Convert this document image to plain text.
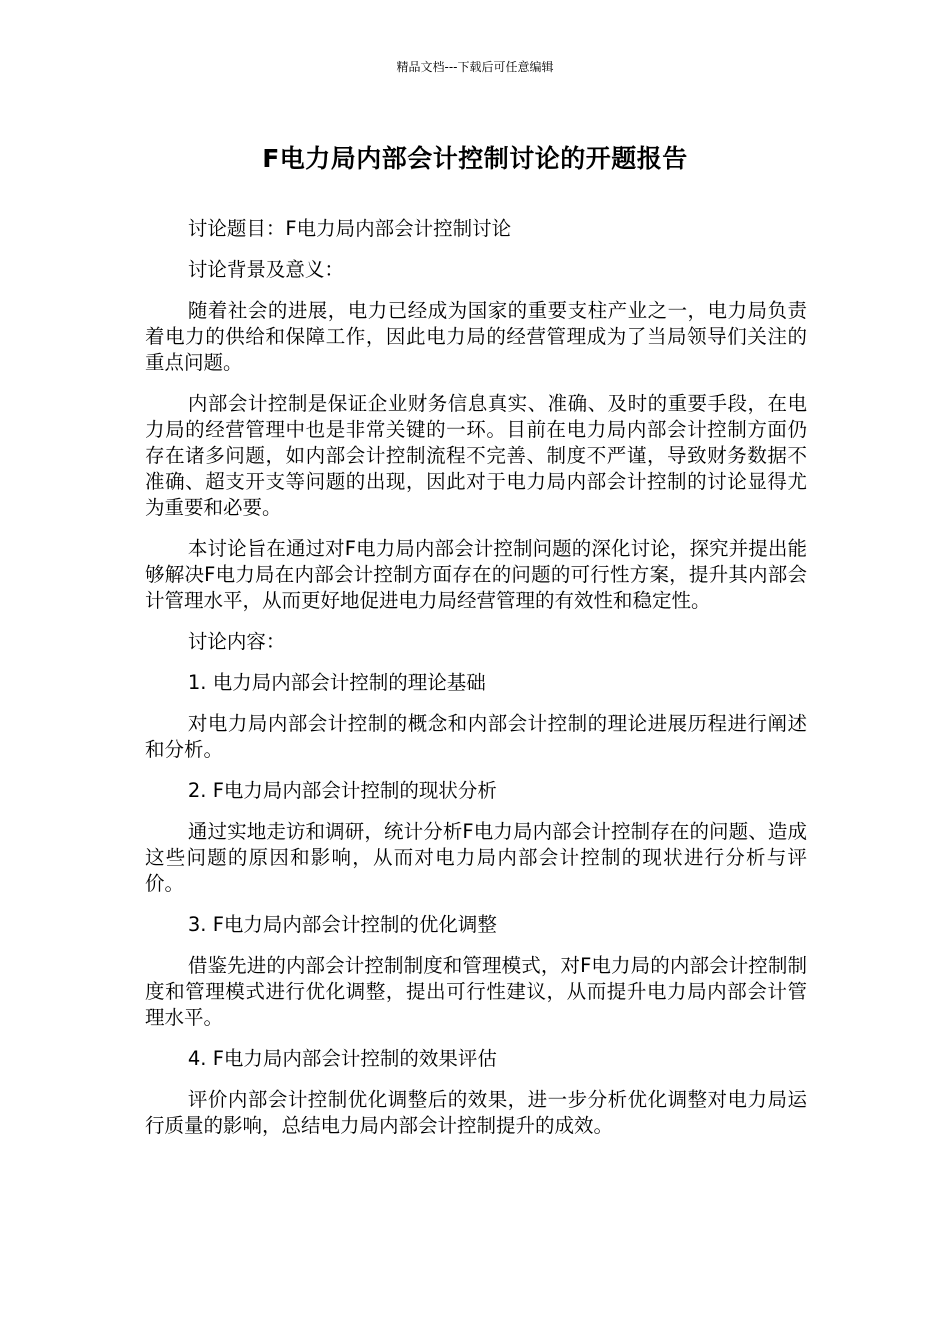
精品文档---下载后可任意编辑
F电力局内部会计控制讨论的开题报告

讨论题目：F电力局内部会计控制讨论

讨论背景及意义：

随着社会的进展，电力已经成为国家的重要支柱产业之一，电力局负责着电力的供给和保障工作，因此电力局的经营管理成为了当局领导们关注的重点问题。

内部会计控制是保证企业财务信息真实、准确、及时的重要手段，在电力局的经营管理中也是非常关键的一环。目前在电力局内部会计控制方面仍存在诸多问题，如内部会计控制流程不完善、制度不严谨，导致财务数据不准确、超支开支等问题的出现，因此对于电力局内部会计控制的讨论显得尤为重要和必要。

本讨论旨在通过对F电力局内部会计控制问题的深化讨论，探究并提出能够解决F电力局在内部会计控制方面存在的问题的可行性方案，提升其内部会计管理水平，从而更好地促进电力局经营管理的有效性和稳定性。

讨论内容：

1. 电力局内部会计控制的理论基础

对电力局内部会计控制的概念和内部会计控制的理论进展历程进行阐述和分析。

2. F电力局内部会计控制的现状分析

通过实地走访和调研，统计分析F电力局内部会计控制存在的问题、造成这些问题的原因和影响，从而对电力局内部会计控制的现状进行分析与评价。

3. F电力局内部会计控制的优化调整

借鉴先进的内部会计控制制度和管理模式，对F电力局的内部会计控制制度和管理模式进行优化调整，提出可行性建议，从而提升电力局内部会计管理水平。

4. F电力局内部会计控制的效果评估

评价内部会计控制优化调整后的效果，进一步分析优化调整对电力局运行质量的影响，总结电力局内部会计控制提升的成效。
